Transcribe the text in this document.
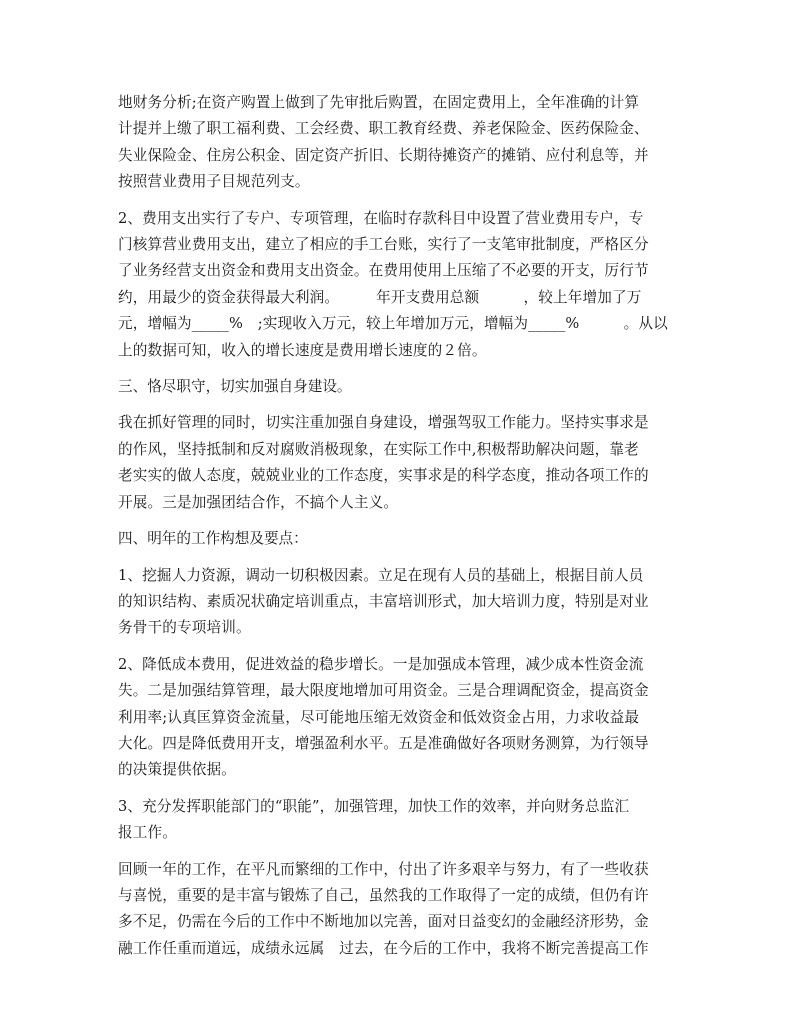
地财务分析;在资产购置上做到了先审批后购置，在固定费用上，全年准确的计算
计提并上缴了职工福利费、工会经费、职工教育经费、养老保险金、医药保险金、
失业保险金、住房公积金、固定资产折旧、长期待摊资产的摊销、应付利息等，并
按照营业费用子目规范列支。
2、费用支出实行了专户、专项管理，在临时存款科目中设置了营业费用专户，专
门核算营业费用支出，建立了相应的手工台账，实行了一支笔审批制度，严格区分
了业务经营支出资金和费用支出资金。在费用使用上压缩了不必要的开支，厉行节
约，用最少的资金获得最大利润。　　　年开支费用总额　　　，较上年增加了万
元，增幅为_____%　;实现收入万元，较上年增加万元，增幅为_____%　　　。从以
上的数据可知，收入的增长速度是费用增长速度的２倍。
三、恪尽职守，切实加强自身建设。
我在抓好管理的同时，切实注重加强自身建设，增强驾驭工作能力。坚持实事求是
的作风，坚持抵制和反对腐败消极现象，在实际工作中,积极帮助解决问题，靠老
老实实的做人态度，兢兢业业的工作态度，实事求是的科学态度，推动各项工作的
开展。三是加强团结合作，不搞个人主义。
四、明年的工作构想及要点：
1、挖掘人力资源，调动一切积极因素。立足在现有人员的基础上，根据目前人员
的知识结构、素质况状确定培训重点，丰富培训形式，加大培训力度，特别是对业
务骨干的专项培训。
2、降低成本费用，促进效益的稳步增长。一是加强成本管理，减少成本性资金流
失。二是加强结算管理，最大限度地增加可用资金。三是合理调配资金，提高资金
利用率;认真匡算资金流量，尽可能地压缩无效资金和低效资金占用，力求收益最
大化。四是降低费用开支，增强盈利水平。五是准确做好各项财务测算，为行领导
的决策提供依据。
3、充分发挥职能部门的“职能”，加强管理，加快工作的效率，并向财务总监汇
报工作。
回顾一年的工作，在平凡而繁细的工作中，付出了许多艰辛与努力，有了一些收获
与喜悦，重要的是丰富与锻炼了自己，虽然我的工作取得了一定的成绩，但仍有许
多不足，仍需在今后的工作中不断地加以完善，面对日益变幻的金融经济形势，金
融工作任重而道远，成绩永远属　过去，在今后的工作中，我将不断完善提高工作
